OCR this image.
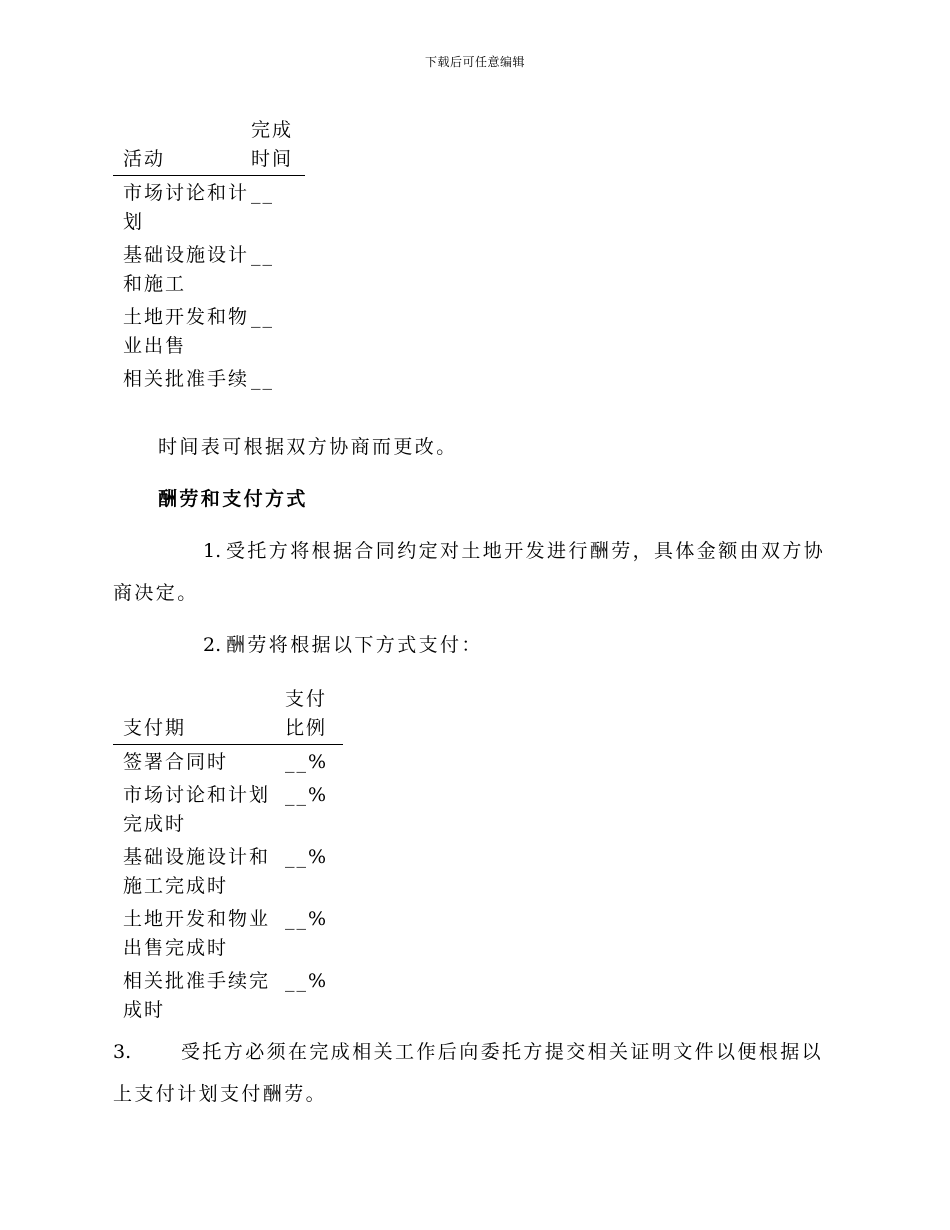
下载后可任意编辑
活动	完成时间
市场讨论和计划	__
基础设施设计和施工	__
土地开发和物业出售	__
相关批准手续	__
时间表可根据双方协商而更改。
酬劳和支付方式
1. 受托方将根据合同约定对土地开发进行酬劳，具体金额由双方协商决定。
2. 酬劳将根据以下方式支付：
支付期	支付比例
签署合同时	__%
市场讨论和计划完成时	__%
基础设施设计和施工完成时	__%
土地开发和物业出售完成时	__%
相关批准手续完成时	__%
3.	受托方必须在完成相关工作后向委托方提交相关证明文件以便根据以上支付计划支付酬劳。
